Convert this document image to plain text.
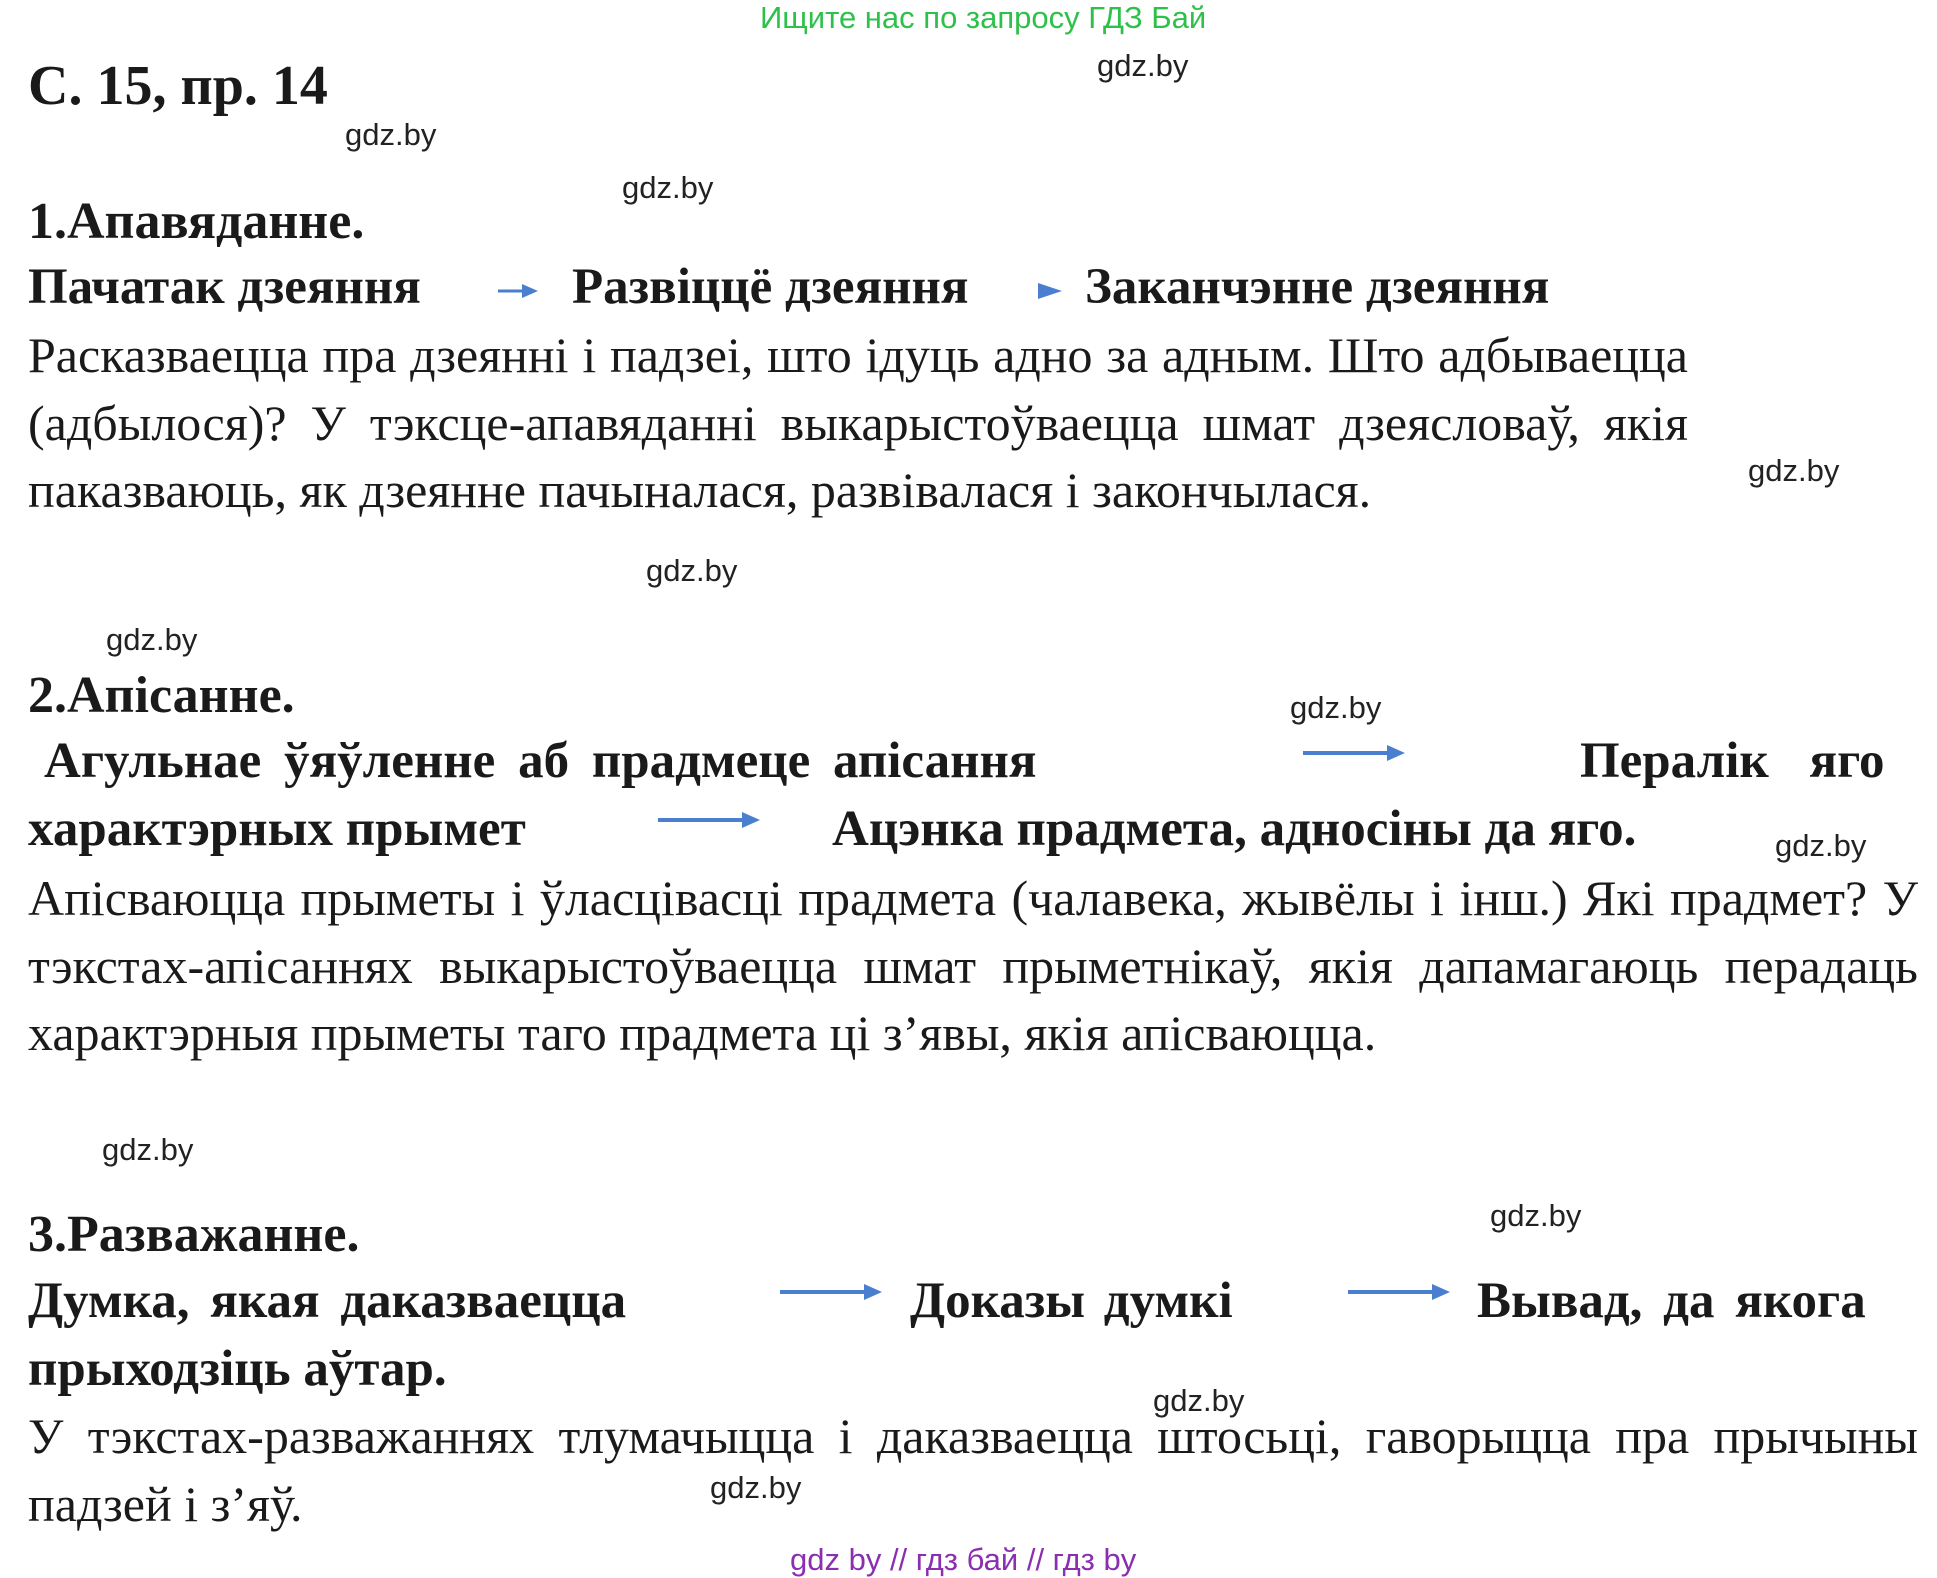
Ищите нас по запросу ГДЗ Бай
gdz by // гдз бай // гдз by
gdz.by
gdz.by
gdz.by
gdz.by
gdz.by
gdz.by
gdz.by
gdz.by
gdz.by
gdz.by
gdz.by
gdz.by
С. 15, пр. 14
1.Апавяданне.
Пачатак дзеяння	Развіццё дзеяння Заканчэнне дзеяння
Расказваецца пра дзеянні і падзеі, што ідуць адно за адным. Што адбываецца (адбылося)? У тэксце-апавяданні выкарыстоўваецца шмат дзеясловаў, якія паказваюць, як дзеянне пачыналася, развівалася і закончылася.
2.Апісанне.
Агульнае ўяўленне аб прадмеце апісання	Пералік яго
характэрных прымет	Ацэнка прадмета, адносіны да яго.
Апісваюцца прыметы і ўласцівасці прадмета (чалавека, жывёлы і інш.) Які прадмет? У тэкстах-апісаннях выкарыстоўваецца шмат прыметнікаў, якія дапамагаюць перадаць характэрныя прыметы таго прадмета ці з’явы, якія апісваюцца.
3.Разважанне.
Думка, якая даказваецца	Доказы думкі	Вывад, да якога
прыходзіць аўтар.
У тэкстах-разважаннях тлумачыцца і даказваецца штосьці, гаворыцца пра прычыны падзей і з’яў.
